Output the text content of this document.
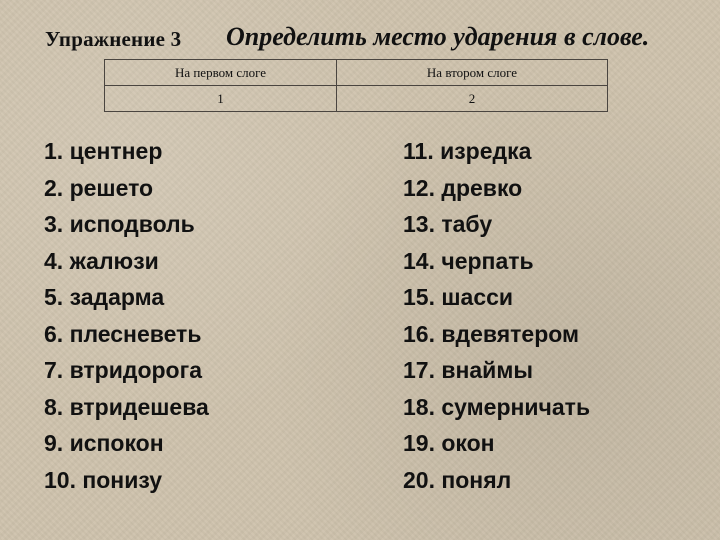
Упражнение 3 Определить место ударения в слове.
На первом слоге	На втором слоге
1	2
1. центнер
2. решето
3. исподволь
4. жалюзи
5. задарма
6. плесневеть
7. втридорога
8. втридешева
9. испокон
10. понизу
11. изредка
12. древко
13. табу
14. черпать
15. шасси
16. вдевятером
17. внаймы
18. сумерничать
19. окон
20. понял
